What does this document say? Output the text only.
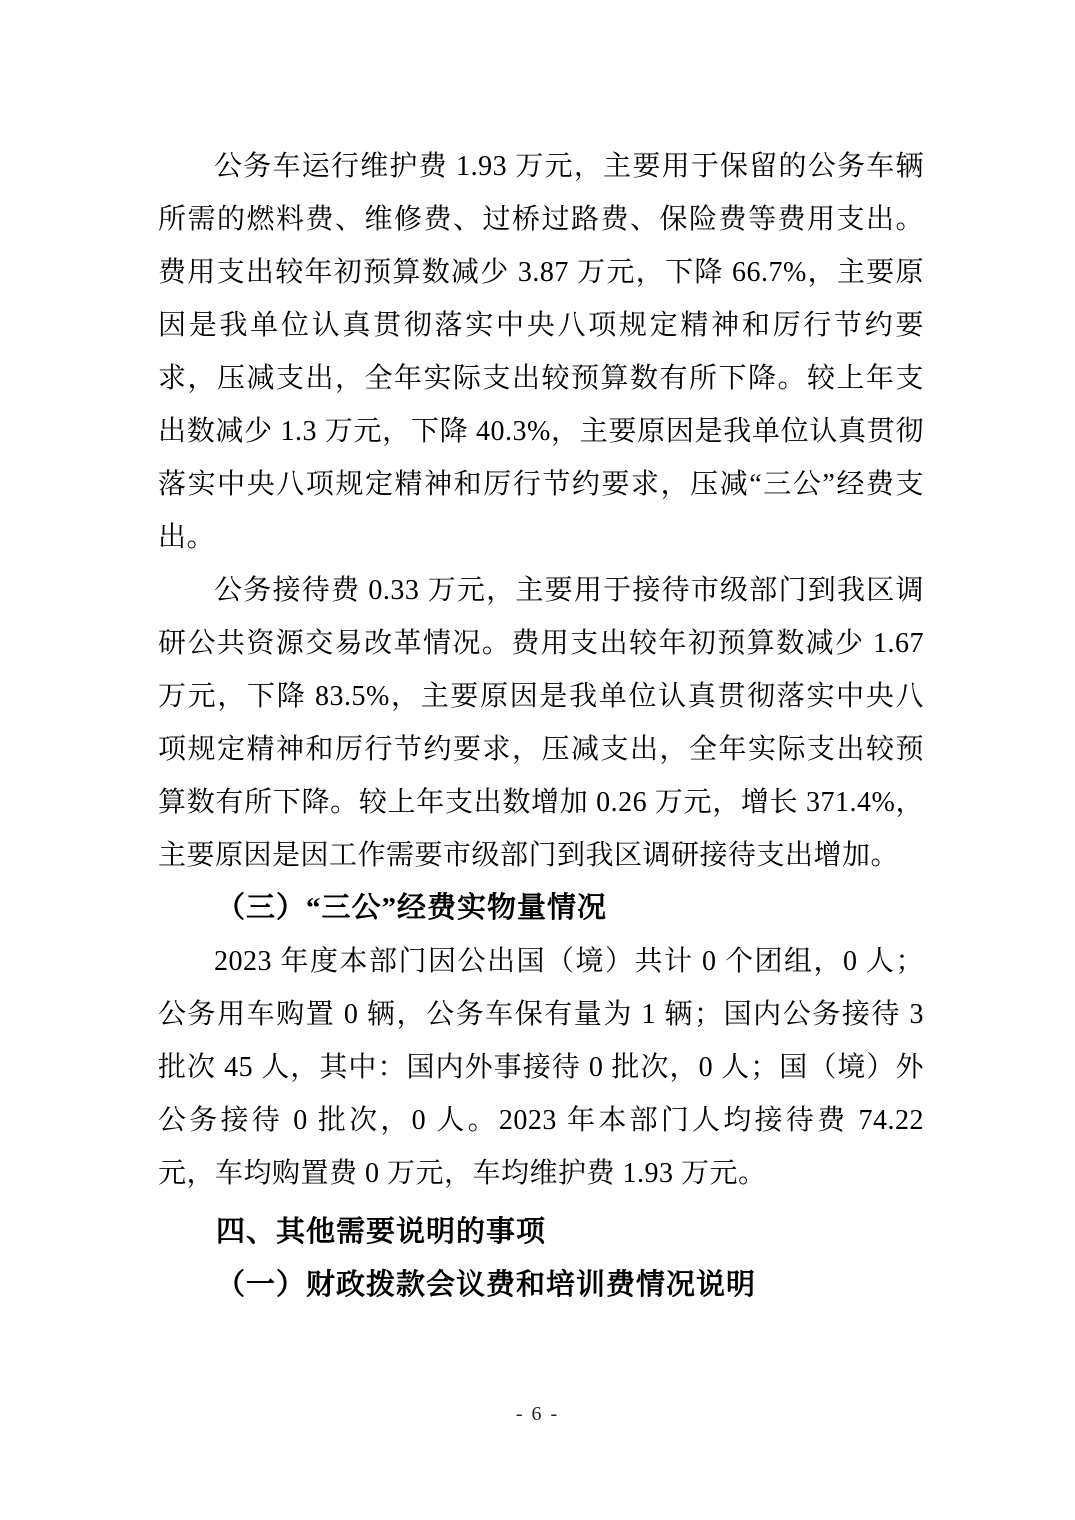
公务车运行维护费 1.93 万元，主要用于保留的公务车辆所需的燃料费、维修费、过桥过路费、保险费等费用支出。费用支出较年初预算数减少 3.87 万元，下降 66.7%，主要原因是我单位认真贯彻落实中央八项规定精神和厉行节约要求，压减支出，全年实际支出较预算数有所下降。较上年支出数减少 1.3 万元，下降 40.3%，主要原因是我单位认真贯彻落实中央八项规定精神和厉行节约要求，压减“三公”经费支出。

公务接待费 0.33 万元，主要用于接待市级部门到我区调研公共资源交易改革情况。费用支出较年初预算数减少 1.67 万元，下降 83.5%，主要原因是我单位认真贯彻落实中央八项规定精神和厉行节约要求，压减支出，全年实际支出较预算数有所下降。较上年支出数增加 0.26 万元，增长 371.4%，主要原因是因工作需要市级部门到我区调研接待支出增加。

（三）“三公”经费实物量情况

2023 年度本部门因公出国（境）共计 0 个团组，0 人；公务用车购置 0 辆，公务车保有量为 1 辆；国内公务接待 3 批次 45 人，其中：国内外事接待 0 批次，0 人；国（境）外公务接待 0 批次，0 人。2023 年本部门人均接待费 74.22 元，车均购置费 0 万元，车均维护费 1.93 万元。

四、其他需要说明的事项
（一）财政拨款会议费和培训费情况说明
- 6 -
